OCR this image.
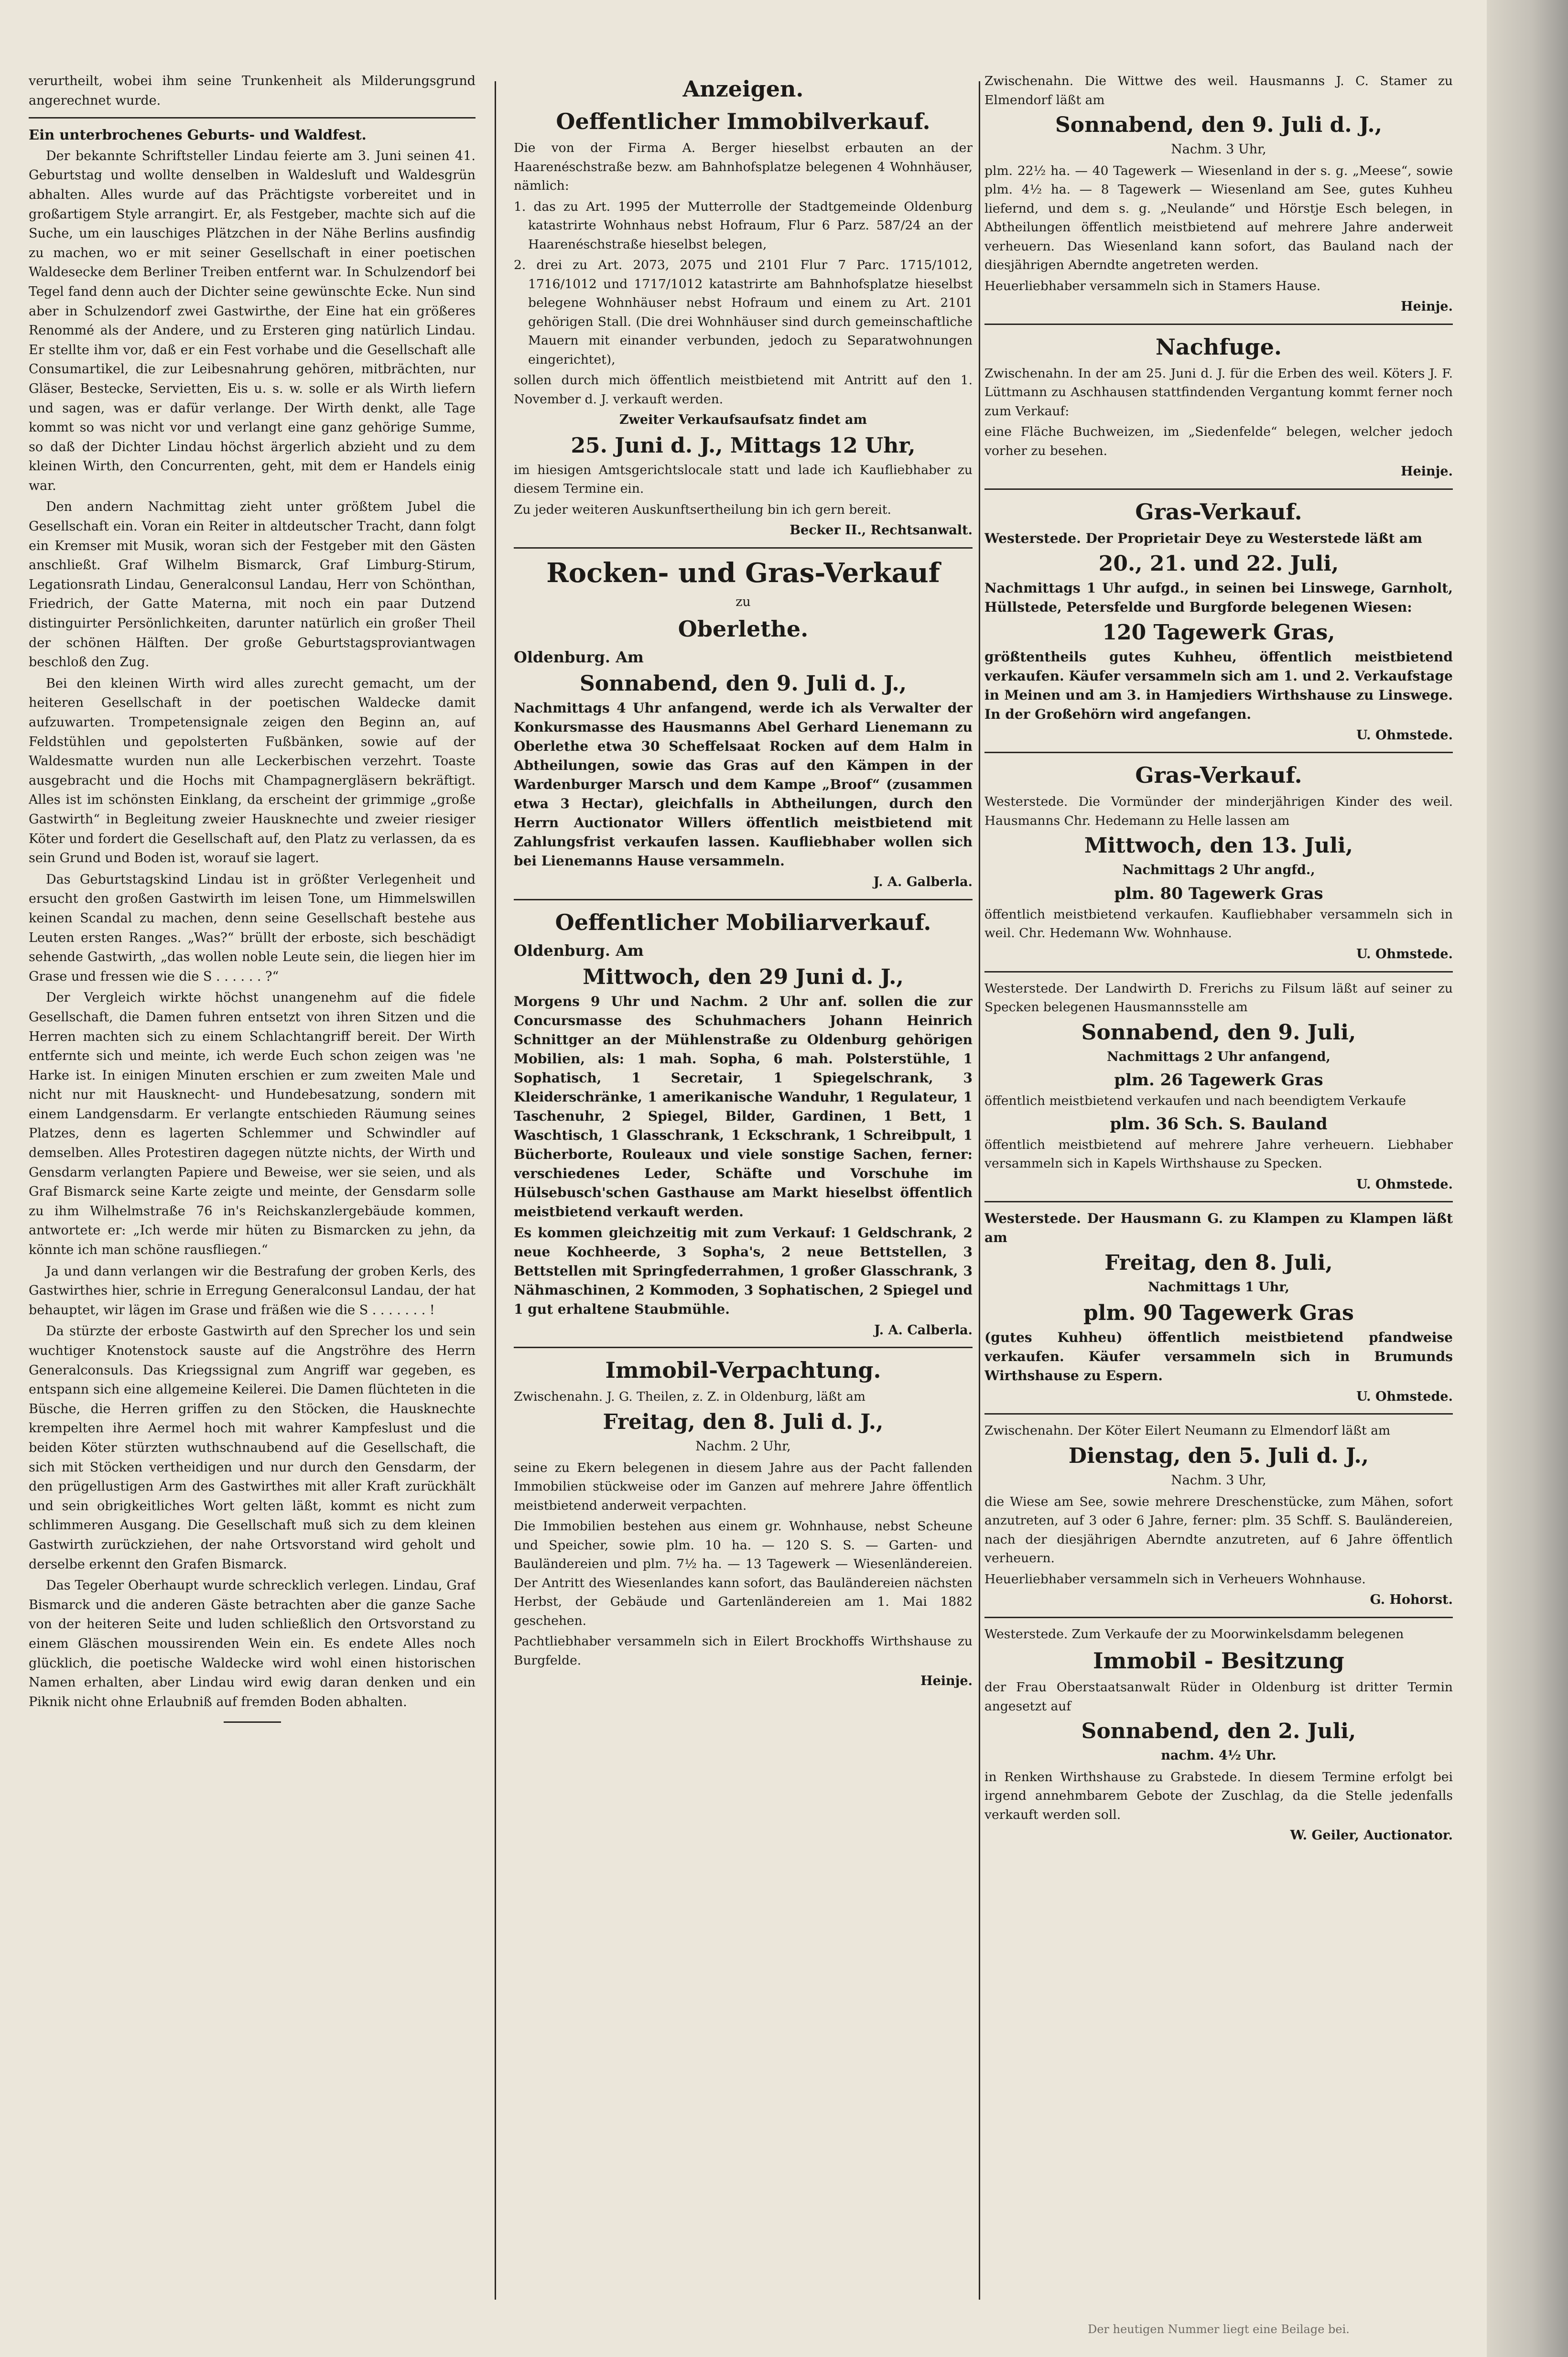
verurtheilt, wobei ihm seine Trunkenheit als Milderungsgrund angerechnet wurde.

Ein unterbrochenes Geburts- und Waldfest.

Der bekannte Schriftsteller Lindau feierte am 3. Juni seinen 41. Geburtstag und wollte denselben in Waldesluft und Waldesgrün abhalten. Alles wurde auf das Prächtigste vorbereitet und in großartigem Style arrangirt. Er, als Festgeber, machte sich auf die Suche, um ein lauschiges Plätzchen in der Nähe Berlins ausfindig zu machen, wo er mit seiner Gesellschaft in einer poetischen Waldesecke dem Berliner Treiben entfernt war. In Schulzendorf bei Tegel fand denn auch der Dichter seine gewünschte Ecke. Nun sind aber in Schulzendorf zwei Gastwirthe, der Eine hat ein größeres Renommé als der Andere, und zu Ersteren ging natürlich Lindau. Er stellte ihm vor, daß er ein Fest vorhabe und die Gesellschaft alle Consumartikel, die zur Leibesnahrung gehören, mitbrächten, nur Gläser, Bestecke, Servietten, Eis u. s. w. solle er als Wirth liefern und sagen, was er dafür verlange. Der Wirth denkt, alle Tage kommt so was nicht vor und verlangt eine ganz gehörige Summe, so daß der Dichter Lindau höchst ärgerlich abzieht und zu dem kleinen Wirth, den Concurrenten, geht, mit dem er Handels einig war.

Den andern Nachmittag zieht unter größtem Jubel die Gesellschaft ein. Voran ein Reiter in altdeutscher Tracht, dann folgt ein Kremser mit Musik, woran sich der Festgeber mit den Gästen anschließt. Graf Wilhelm Bismarck, Graf Limburg-Stirum, Legationsrath Lindau, Generalconsul Landau, Herr von Schönthan, Friedrich, der Gatte Materna, mit noch ein paar Dutzend distinguirter Persönlichkeiten, darunter natürlich ein großer Theil der schönen Hälften. Der große Geburtstagsproviantwagen beschloß den Zug.

Bei den kleinen Wirth wird alles zurecht gemacht, um der heiteren Gesellschaft in der poetischen Waldecke damit aufzuwarten. Trompetensignale zeigen den Beginn an, auf Feldstühlen und gepolsterten Fußbänken, sowie auf der Waldesmatte wurden nun alle Leckerbischen verzehrt. Toaste ausgebracht und die Hochs mit Champagnergläsern bekräftigt. Alles ist im schönsten Einklang, da erscheint der grimmige „große Gastwirth“ in Begleitung zweier Hausknechte und zweier riesiger Köter und fordert die Gesellschaft auf, den Platz zu verlassen, da es sein Grund und Boden ist, worauf sie lagert.

Das Geburtstagskind Lindau ist in größter Verlegenheit und ersucht den großen Gastwirth im leisen Tone, um Himmelswillen keinen Scandal zu machen, denn seine Gesellschaft bestehe aus Leuten ersten Ranges. „Was?“ brüllt der erboste, sich beschädigt sehende Gastwirth, „das wollen noble Leute sein, die liegen hier im Grase und fressen wie die S . . . . . . ?“

Der Vergleich wirkte höchst unangenehm auf die fidele Gesellschaft, die Damen fuhren entsetzt von ihren Sitzen und die Herren machten sich zu einem Schlachtangriff bereit. Der Wirth entfernte sich und meinte, ich werde Euch schon zeigen was 'ne Harke ist. In einigen Minuten erschien er zum zweiten Male und nicht nur mit Hausknecht- und Hundebesatzung, sondern mit einem Landgensdarm. Er verlangte entschieden Räumung seines Platzes, denn es lagerten Schlemmer und Schwindler auf demselben. Alles Protestiren dagegen nützte nichts, der Wirth und Gensdarm verlangten Papiere und Beweise, wer sie seien, und als Graf Bismarck seine Karte zeigte und meinte, der Gensdarm solle zu ihm Wilhelmstraße 76 in's Reichskanzlergebäude kommen, antwortete er: „Ich werde mir hüten zu Bismarcken zu jehn, da könnte ich man schöne rausfliegen.“

Ja und dann verlangen wir die Bestrafung der groben Kerls, des Gastwirthes hier, schrie in Erregung Generalconsul Landau, der hat behauptet, wir lägen im Grase und fräßen wie die S . . . . . . . !

Da stürzte der erboste Gastwirth auf den Sprecher los und sein wuchtiger Knotenstock sauste auf die Angströhre des Herrn Generalconsuls. Das Kriegssignal zum Angriff war gegeben, es entspann sich eine allgemeine Keilerei. Die Damen flüchteten in die Büsche, die Herren griffen zu den Stöcken, die Hausknechte krempelten ihre Aermel hoch mit wahrer Kampfeslust und die beiden Köter stürzten wuthschnaubend auf die Gesellschaft, die sich mit Stöcken vertheidigen und nur durch den Gensdarm, der den prügellustigen Arm des Gastwirthes mit aller Kraft zurückhält und sein obrigkeitliches Wort gelten läßt, kommt es nicht zum schlimmeren Ausgang. Die Gesellschaft muß sich zu dem kleinen Gastwirth zurückziehen, der nahe Ortsvorstand wird geholt und derselbe erkennt den Grafen Bismarck.

Das Tegeler Oberhaupt wurde schrecklich verlegen. Lindau, Graf Bismarck und die anderen Gäste betrachten aber die ganze Sache von der heiteren Seite und luden schließlich den Ortsvorstand zu einem Gläschen moussirenden Wein ein. Es endete Alles noch glücklich, die poetische Waldecke wird wohl einen historischen Namen erhalten, aber Lindau wird ewig daran denken und ein Piknik nicht ohne Erlaubniß auf fremden Boden abhalten.

Anzeigen.
Oeffentlicher Immobilverkauf.

Die von der Firma A. Berger hieselbst erbauten an der Haarenéschstraße bezw. am Bahnhofsplatze belegenen 4 Wohnhäuser, nämlich:

1. das zu Art. 1995 der Mutterrolle der Stadtgemeinde Oldenburg katastrirte Wohnhaus nebst Hofraum, Flur 6 Parz. 587/24 an der Haarenéschstraße hieselbst belegen,

2. drei zu Art. 2073, 2075 und 2101 Flur 7 Parc. 1715/1012, 1716/1012 und 1717/1012 katastrirte am Bahnhofsplatze hieselbst belegene Wohnhäuser nebst Hofraum und einem zu Art. 2101 gehörigen Stall. (Die drei Wohnhäuser sind durch gemeinschaftliche Mauern mit einander verbunden, jedoch zu Separatwohnungen eingerichtet),

sollen durch mich öffentlich meistbietend mit Antritt auf den 1. November d. J. verkauft werden.

Zweiter Verkaufsaufsatz findet am

25. Juni d. J., Mittags 12 Uhr,

im hiesigen Amtsgerichtslocale statt und lade ich Kaufliebhaber zu diesem Termine ein.

Zu jeder weiteren Auskunftsertheilung bin ich gern bereit.

Becker II., Rechtsanwalt.

Rocken- und Gras-Verkauf

zu

Oberlethe.

Oldenburg. Am

Sonnabend, den 9. Juli d. J.,

Nachmittags 4 Uhr anfangend, werde ich als Verwalter der Konkursmasse des Hausmanns Abel Gerhard Lienemann zu Oberlethe etwa 30 Scheffelsaat Rocken auf dem Halm in Abtheilungen, sowie das Gras auf den Kämpen in der Wardenburger Marsch und dem Kampe „Broof“ (zusammen etwa 3 Hectar), gleichfalls in Abtheilungen, durch den Herrn Auctionator Willers öffentlich meistbietend mit Zahlungsfrist verkaufen lassen. Kaufliebhaber wollen sich bei Lienemanns Hause versammeln.

J. A. Galberla.

Oeffentlicher Mobiliarverkauf.

Oldenburg. Am

Mittwoch, den 29 Juni d. J.,

Morgens 9 Uhr und Nachm. 2 Uhr anf. sollen die zur Concursmasse des Schuhmachers Johann Heinrich Schnittger an der Mühlenstraße zu Oldenburg gehörigen Mobilien, als: 1 mah. Sopha, 6 mah. Polsterstühle, 1 Sophatisch, 1 Secretair, 1 Spiegelschrank, 3 Kleiderschränke, 1 amerikanische Wanduhr, 1 Regulateur, 1 Taschenuhr, 2 Spiegel, Bilder, Gardinen, 1 Bett, 1 Waschtisch, 1 Glasschrank, 1 Eckschrank, 1 Schreibpult, 1 Bücherborte, Rouleaux und viele sonstige Sachen, ferner: verschiedenes Leder, Schäfte und Vorschuhe im Hülsebusch'schen Gasthause am Markt hieselbst öffentlich meistbietend verkauft werden.

Es kommen gleichzeitig mit zum Verkauf: 1 Geldschrank, 2 neue Kochheerde, 3 Sopha's, 2 neue Bettstellen, 3 Bettstellen mit Springfederrahmen, 1 großer Glasschrank, 3 Nähmaschinen, 2 Kommoden, 3 Sophatischen, 2 Spiegel und 1 gut erhaltene Staubmühle.

J. A. Calberla.

Immobil-Verpachtung.

Zwischenahn. J. G. Theilen, z. Z. in Oldenburg, läßt am

Freitag, den 8. Juli d. J.,

Nachm. 2 Uhr,

seine zu Ekern belegenen in diesem Jahre aus der Pacht fallenden Immobilien stückweise oder im Ganzen auf mehrere Jahre öffentlich meistbietend anderweit verpachten.

Die Immobilien bestehen aus einem gr. Wohnhause, nebst Scheune und Speicher, sowie plm. 10 ha. — 120 S. S. — Garten- und Bauländereien und plm. 7½ ha. — 13 Tagewerk — Wiesenländereien. Der Antritt des Wiesenlandes kann sofort, das Bauländereien nächsten Herbst, der Gebäude und Gartenländereien am 1. Mai 1882 geschehen.

Pachtliebhaber versammeln sich in Eilert Brockhoffs Wirthshause zu Burgfelde.

Heinje.

Zwischenahn. Die Wittwe des weil. Hausmanns J. C. Stamer zu Elmendorf läßt am

Sonnabend, den 9. Juli d. J.,

Nachm. 3 Uhr,

plm. 22½ ha. — 40 Tagewerk — Wiesenland in der s. g. „Meese“, sowie plm. 4½ ha. — 8 Tagewerk — Wiesenland am See, gutes Kuhheu liefernd, und dem s. g. „Neulande“ und Hörstje Esch belegen, in Abtheilungen öffentlich meistbietend auf mehrere Jahre anderweit verheuern. Das Wiesenland kann sofort, das Bauland nach der diesjährigen Aberndte angetreten werden.

Heuerliebhaber versammeln sich in Stamers Hause.

Heinje.

Nachfuge.

Zwischenahn. In der am 25. Juni d. J. für die Erben des weil. Köters J. F. Lüttmann zu Aschhausen stattfindenden Vergantung kommt ferner noch zum Verkauf:

eine Fläche Buchweizen, im „Siedenfelde“ belegen, welcher jedoch vorher zu besehen.

Heinje.

Gras-Verkauf.

Westerstede. Der Proprietair Deye zu Westerstede läßt am

20., 21. und 22. Juli,

Nachmittags 1 Uhr aufgd., in seinen bei Linswege, Garnholt, Hüllstede, Petersfelde und Burgforde belegenen Wiesen:

120 Tagewerk Gras,

größtentheils gutes Kuhheu, öffentlich meistbietend verkaufen. Käufer versammeln sich am 1. und 2. Verkaufstage in Meinen und am 3. in Hamjediers Wirthshause zu Linswege. In der Großehörn wird angefangen.

U. Ohmstede.

Gras-Verkauf.

Westerstede. Die Vormünder der minderjährigen Kinder des weil. Hausmanns Chr. Hedemann zu Helle lassen am

Mittwoch, den 13. Juli,

Nachmittags 2 Uhr angfd.,

plm. 80 Tagewerk Gras

öffentlich meistbietend verkaufen. Kaufliebhaber versammeln sich in weil. Chr. Hedemann Ww. Wohnhause.

U. Ohmstede.

Westerstede. Der Landwirth D. Frerichs zu Filsum läßt auf seiner zu Specken belegenen Hausmannsstelle am

Sonnabend, den 9. Juli,

Nachmittags 2 Uhr anfangend,

plm. 26 Tagewerk Gras

öffentlich meistbietend verkaufen und nach beendigtem Verkaufe

plm. 36 Sch. S. Bauland

öffentlich meistbietend auf mehrere Jahre verheuern. Liebhaber versammeln sich in Kapels Wirthshause zu Specken.

U. Ohmstede.

Westerstede. Der Hausmann G. zu Klampen zu Klampen läßt am

Freitag, den 8. Juli,

Nachmittags 1 Uhr,

plm. 90 Tagewerk Gras

(gutes Kuhheu) öffentlich meistbietend pfandweise verkaufen. Käufer versammeln sich in Brumunds Wirthshause zu Espern.

U. Ohmstede.

Zwischenahn. Der Köter Eilert Neumann zu Elmendorf läßt am

Dienstag, den 5. Juli d. J.,

Nachm. 3 Uhr,

die Wiese am See, sowie mehrere Dreschenstücke, zum Mähen, sofort anzutreten, auf 3 oder 6 Jahre, ferner: plm. 35 Schff. S. Bauländereien, nach der diesjährigen Aberndte anzutreten, auf 6 Jahre öffentlich verheuern.

Heuerliebhaber versammeln sich in Verheuers Wohnhause.

G. Hohorst.

Westerstede. Zum Verkaufe der zu Moorwinkelsdamm belegenen

Immobil - Besitzung

der Frau Oberstaatsanwalt Rüder in Oldenburg ist dritter Termin angesetzt auf

Sonnabend, den 2. Juli,

nachm. 4½ Uhr.

in Renken Wirthshause zu Grabstede. In diesem Termine erfolgt bei irgend annehmbarem Gebote der Zuschlag, da die Stelle jedenfalls verkauft werden soll.

W. Geiler, Auctionator.

Der heutigen Nummer liegt eine Beilage bei.
